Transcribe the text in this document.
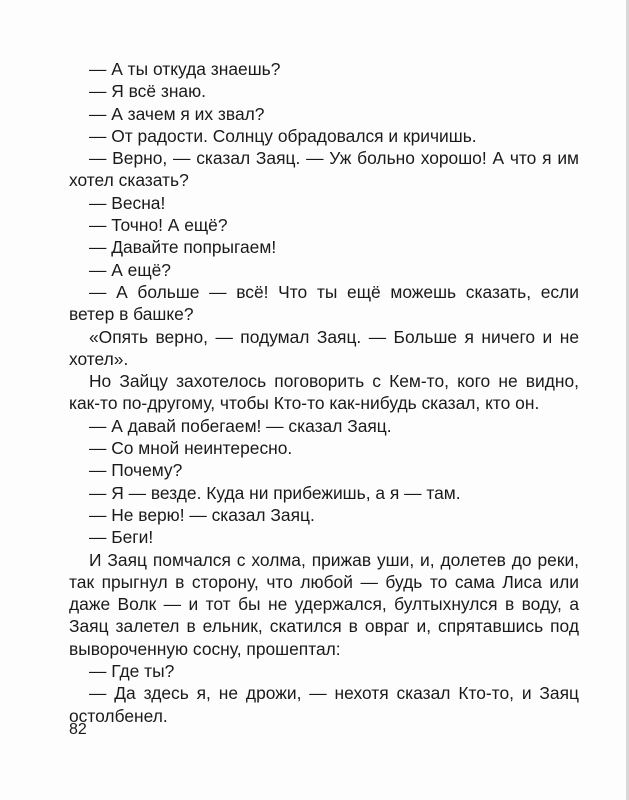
— А ты откуда знаешь?

— Я всё знаю.

— А зачем я их звал?

— От радости. Солнцу обрадовался и кричишь.

— Верно, — сказал Заяц. — Уж больно хорошо! А что я им хотел сказать?

— Весна!

— Точно! А ещё?

— Давайте попрыгаем!

— А ещё?

— А больше — всё! Что ты ещё можешь сказать, если ветер в башке?

«Опять верно, — подумал Заяц. — Больше я ничего и не хотел».

Но Зайцу захотелось поговорить с Кем-то, кого не видно, как-то по-другому, чтобы Кто-то как-нибудь сказал, кто он.

— А давай побегаем! — сказал Заяц.

— Со мной неинтересно.

— Почему?

— Я — везде. Куда ни прибежишь, а я — там.

— Не верю! — сказал Заяц.

— Беги!

И Заяц помчался с холма, прижав уши, и, долетев до реки, так прыгнул в сторону, что любой — будь то сама Лиса или даже Волк — и тот бы не удержался, бултыхнулся в воду, а Заяц залетел в ельник, скатился в овраг и, спрятавшись под вывороченную сосну, прошептал:

— Где ты?

— Да здесь я, не дрожи, — нехотя сказал Кто-то, и Заяц остолбенел.

82
